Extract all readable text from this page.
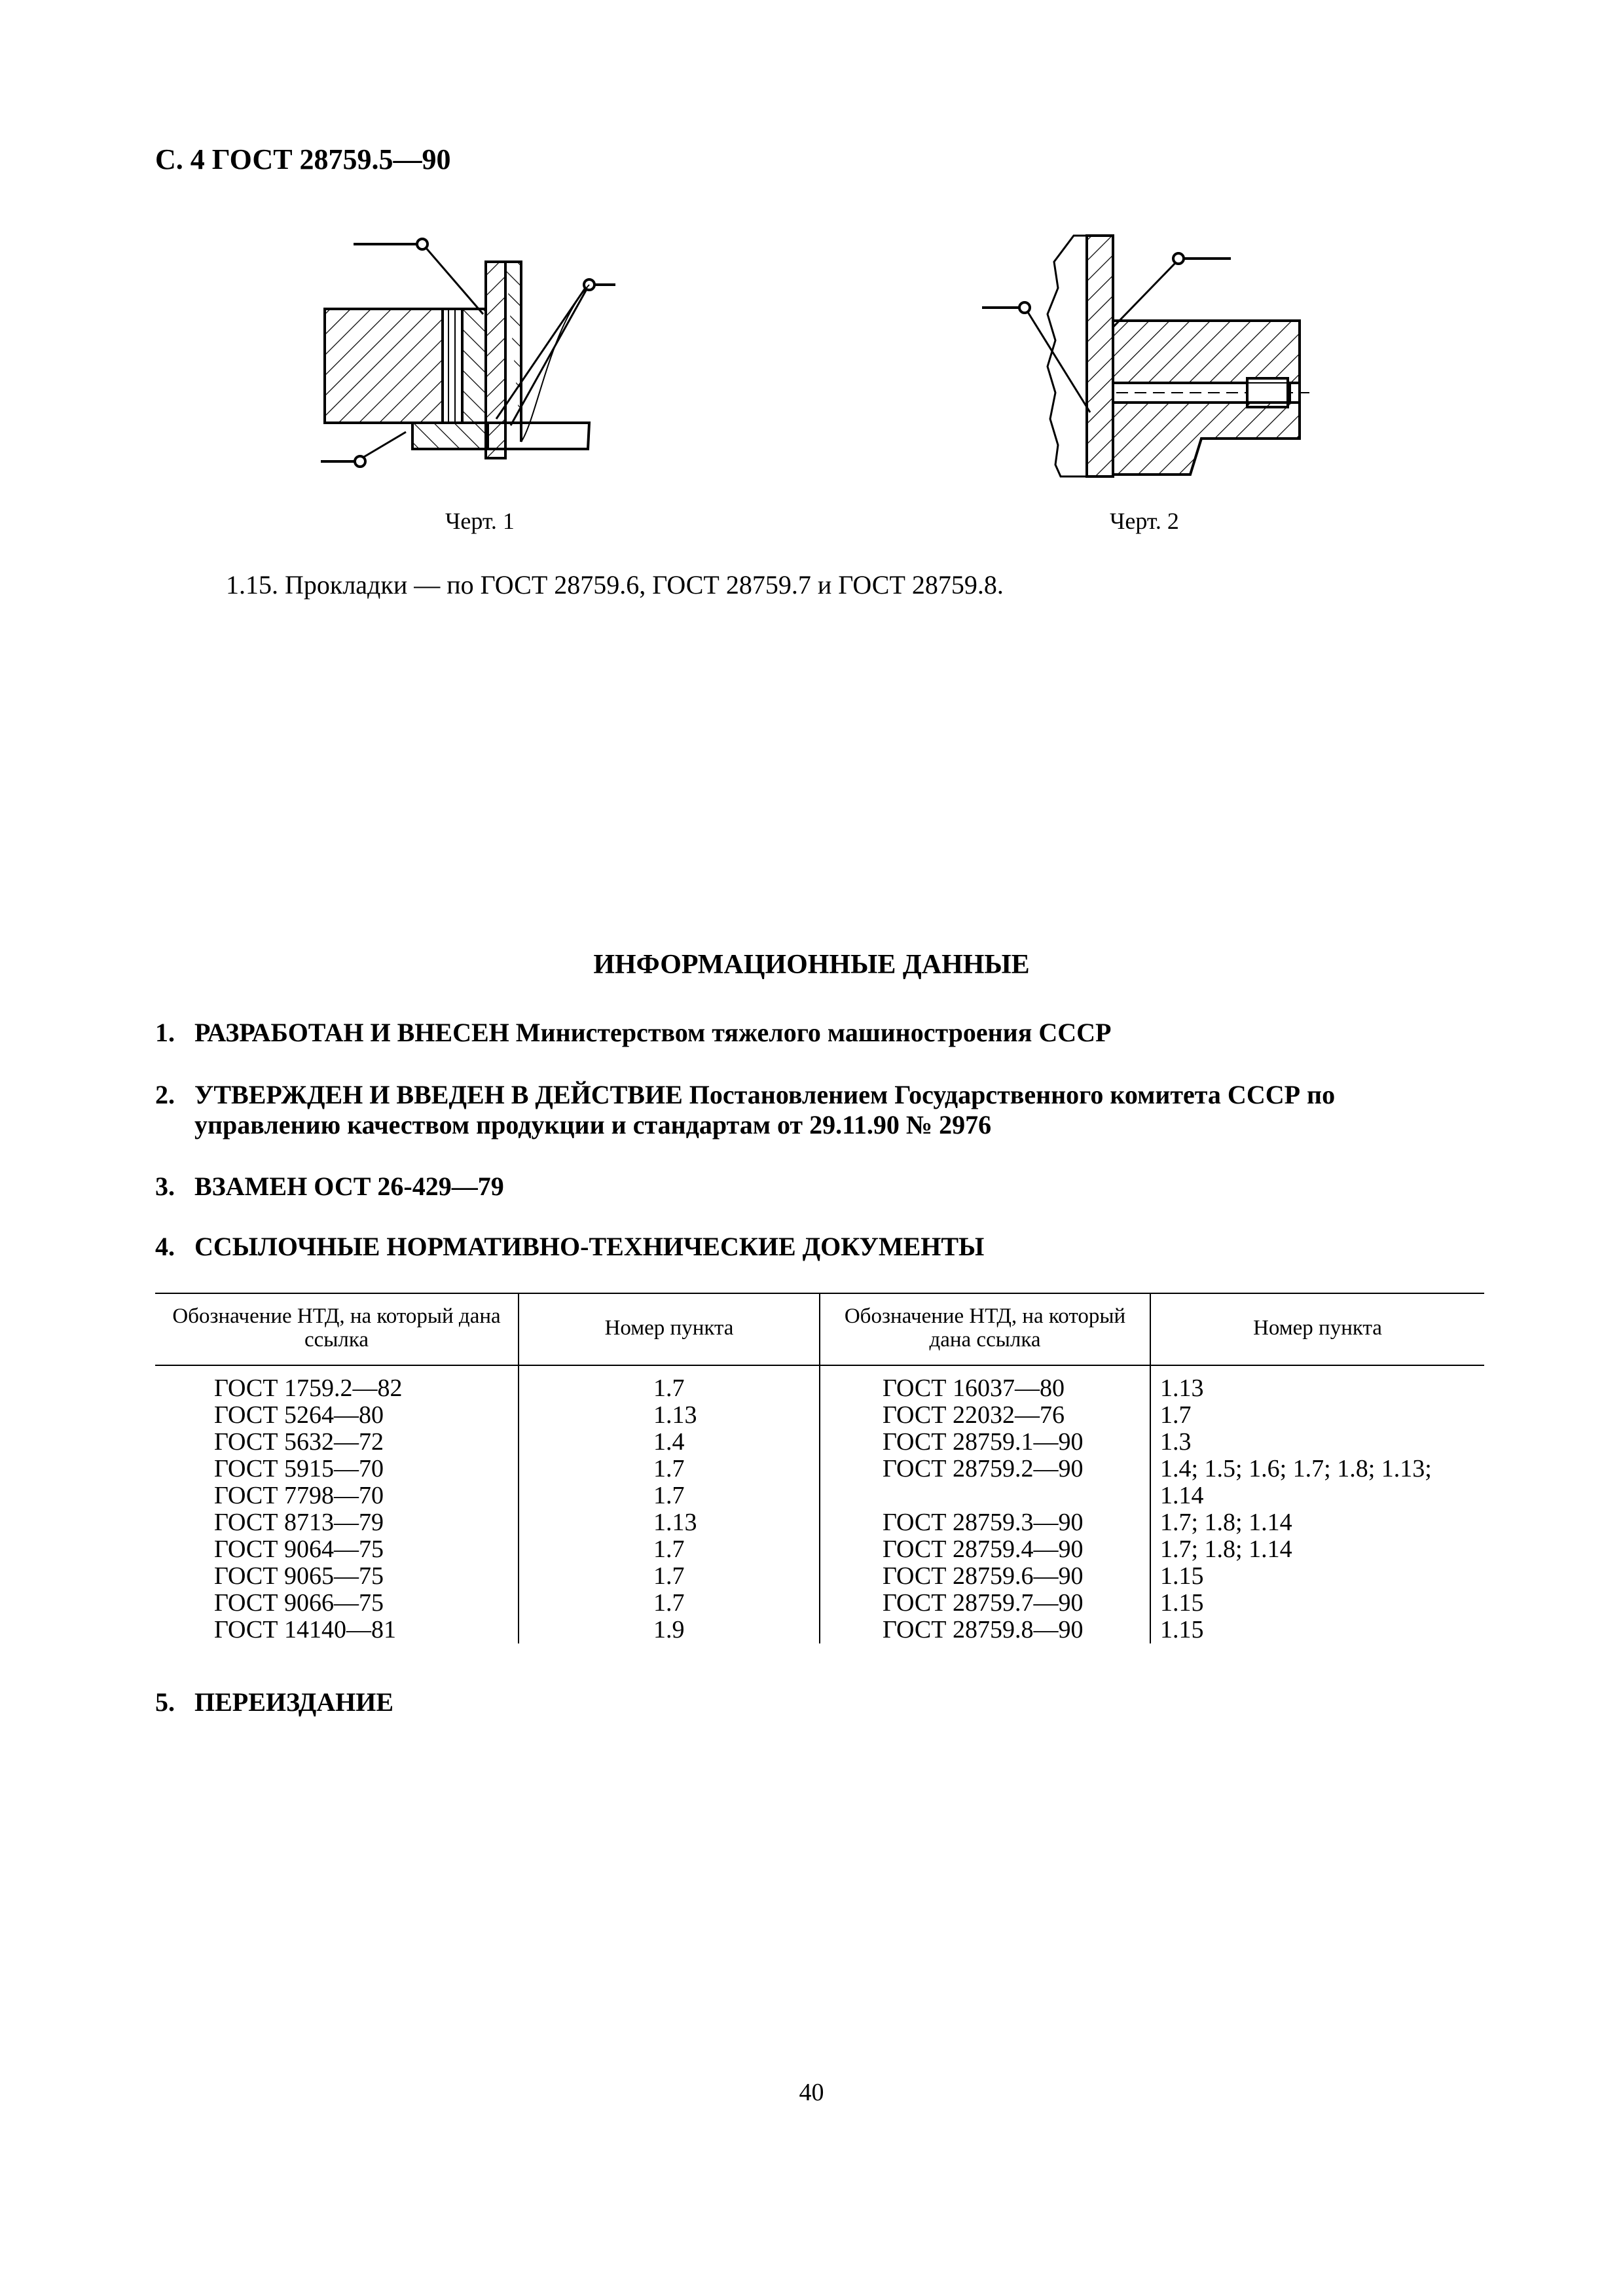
С. 4 ГОСТ 28759.5—90
Черт. 1	Черт. 2
1.15. Прокладки — по ГОСТ 28759.6, ГОСТ 28759.7 и ГОСТ 28759.8.
ИНФОРМАЦИОННЫЕ ДАННЫЕ
1. РАЗРАБОТАН И ВНЕСЕН Министерством тяжелого машиностроения СССР
2. УТВЕРЖДЕН И ВВЕДЕН В ДЕЙСТВИЕ Постановлением Государственного комитета СССР по управлению качеством продукции и стандартам от 29.11.90 № 2976
3. ВЗАМЕН ОСТ 26-429—79
4. ССЫЛОЧНЫЕ НОРМАТИВНО-ТЕХНИЧЕСКИЕ ДОКУМЕНТЫ
Обозначение НТД, на который дана ссылка	Номер пункта	Обозначение НТД, на который дана ссылка	Номер пункта
ГОСТ 1759.2—82	1.7	ГОСТ 16037—80	1.13
ГОСТ 5264—80	1.13	ГОСТ 22032—76	1.7
ГОСТ 5632—72	1.4	ГОСТ 28759.1—90	1.3
ГОСТ 5915—70	1.7	ГОСТ 28759.2—90	1.4; 1.5; 1.6; 1.7; 1.8; 1.13;
ГОСТ 7798—70	1.7		1.14
ГОСТ 8713—79	1.13	ГОСТ 28759.3—90	1.7; 1.8; 1.14
ГОСТ 9064—75	1.7	ГОСТ 28759.4—90	1.7; 1.8; 1.14
ГОСТ 9065—75	1.7	ГОСТ 28759.6—90	1.15
ГОСТ 9066—75	1.7	ГОСТ 28759.7—90	1.15
ГОСТ 14140—81	1.9	ГОСТ 28759.8—90	1.15
5. ПЕРЕИЗДАНИЕ
40
